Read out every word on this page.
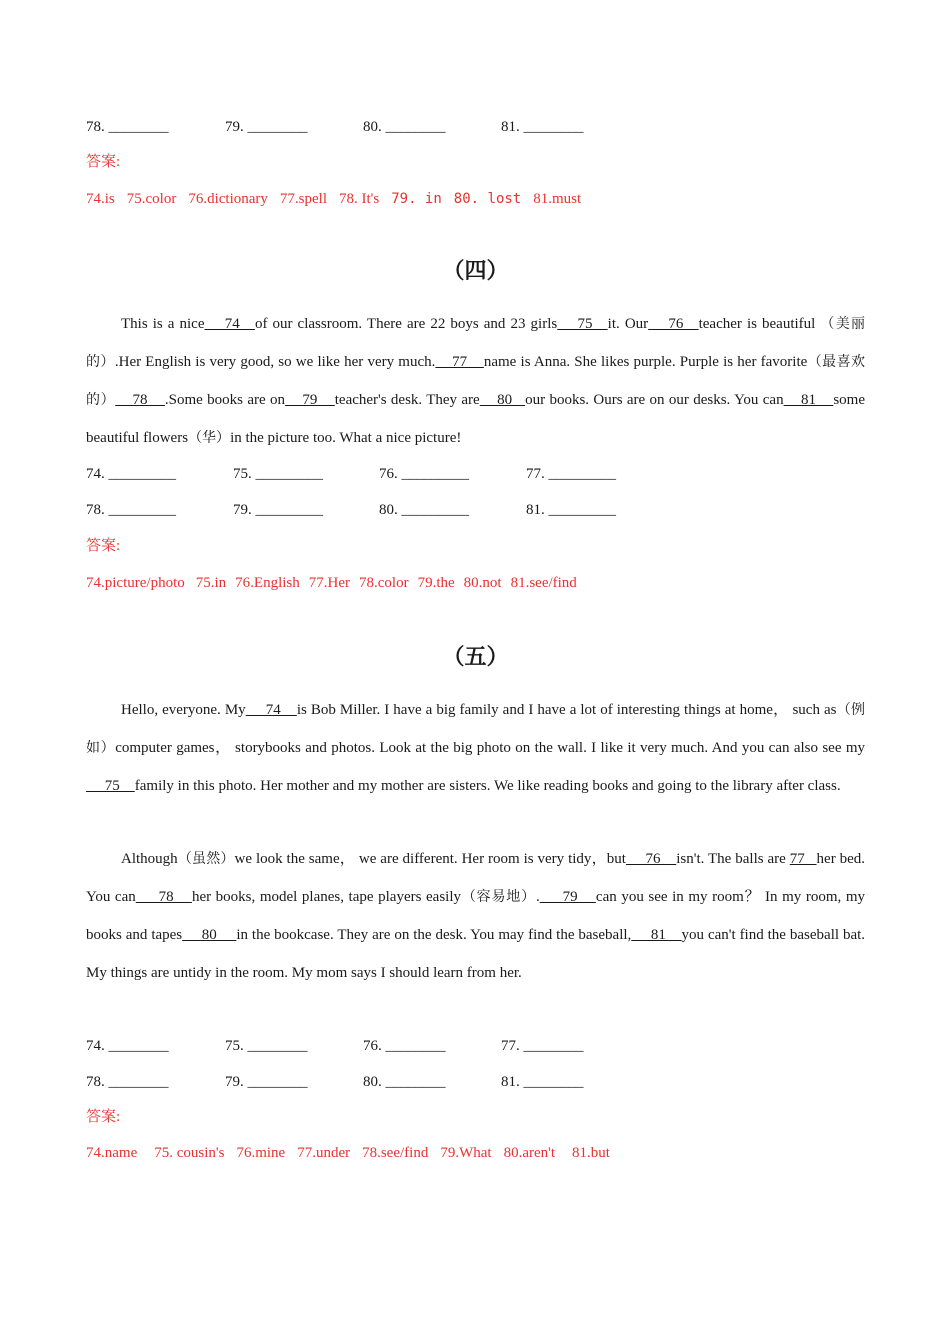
78. ________	79. ________	80. ________	81. ________
答案:
74.is 75.color 76.dictionary 77.spell 78. It's 79. in 80. lost 81.must
（四）
This is a nice    74   of our classroom. There are 22 boys and 23 girls    75   it. Our    76   teacher is beautiful （美丽的）.Her English is very good, so we like her very much.    77    name is Anna. She likes purple. Purple is her favorite（最喜欢的）    78    .Some books are on    79    teacher's desk. They are    80   our books. Ours are on our desks. You can    81    some beautiful flowers（华）in the picture too. What a nice picture!
74. _________	75. _________	76. _________	77. _________
78. _________	79. _________	80. _________	81. _________
答案:
74.picture/photo 75.in 76.English 77.Her 78.color 79.the 80.not 81.see/find
（五）
Hello, everyone. My     74    is Bob Miller. I have a big family and I have a lot of interesting things at home， such as（例如）computer games， storybooks and photos. Look at the big photo on the wall. I like it very much. And you can also see my     75    family in this photo. Her mother and my mother are sisters. We like reading books and going to the library after class.
Although（虽然）we look the same， we are different. Her room is very tidy，but     76    isn't. The balls are 77   her bed. You can     78    her books, model planes, tape players easily（容易地）.     79    can you see in my room？ In my room, my books and tapes     80     in the bookcase. They are on the desk. You may find the baseball,     81    you can't find the baseball bat. My things are untidy in the room. My mom says I should learn from her.
74. ________	75. ________	76. ________	77. ________
78. ________	79. ________	80. ________	81. ________
答案:
74.name 75. cousin's 76.mine 77.under 78.see/find 79.What 80.aren't 81.but
